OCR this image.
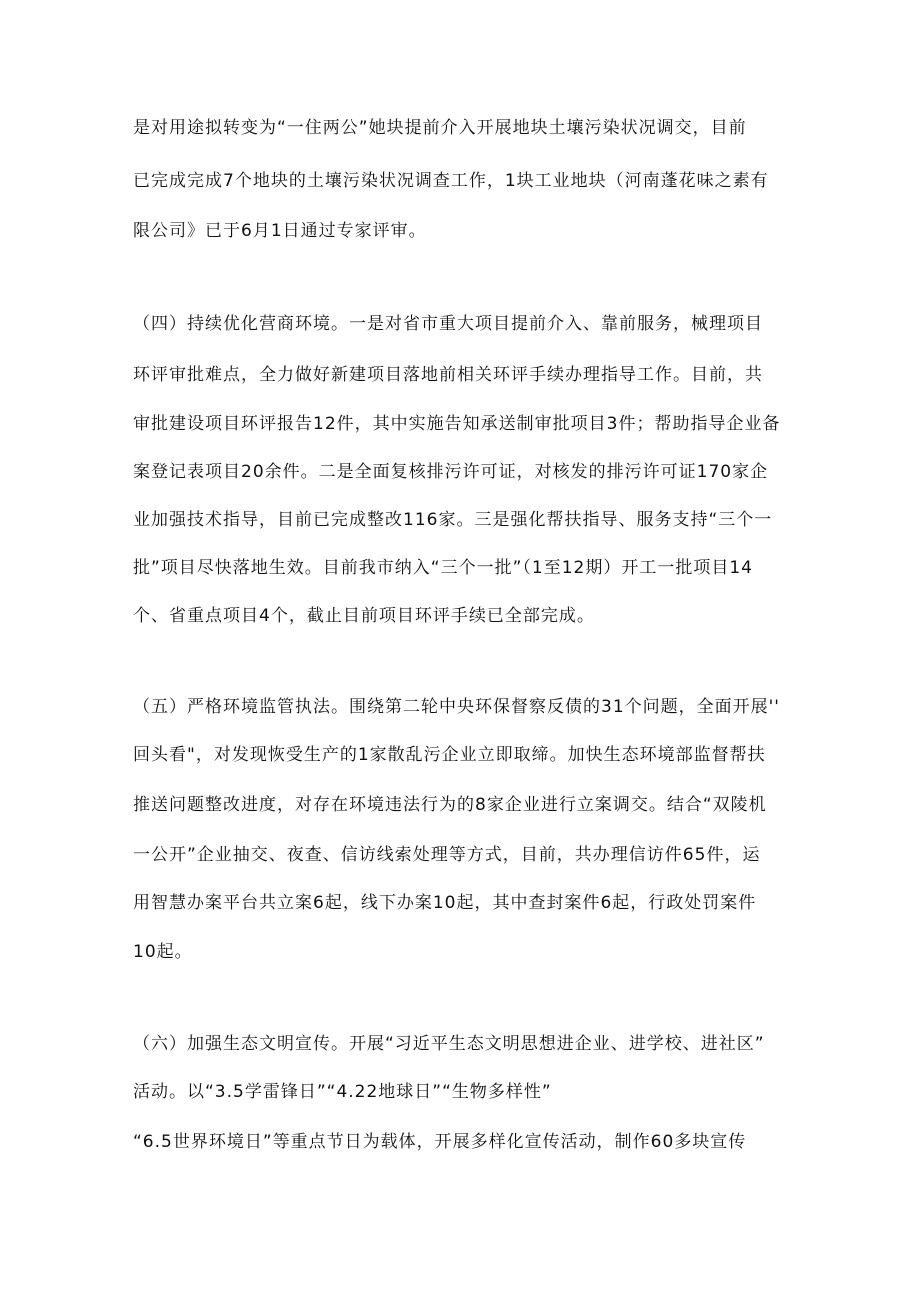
是对用途拟转变为“一住两公”她块提前介入开展地块土壤污染状况调交，目前

已完成完成7个地块的土壤污染状况调查工作，1块工业地块（河南蓬花味之素有

限公司》已于6月1日通过专家评审。

（四）持续优化营商环境。一是对省市重大项目提前介入、靠前服务，械理项目

环评审批难点，全力做好新建项目落地前相关环评手续办理指导工作。目前，共

审批建设项目环评报告12件，其中实施告知承送制审批项目3件；帮助指导企业备

案登记表项目20余件。二是全面复核排污许可证，对核发的排污许可证170家企

业加强技术指导，目前已完成整改116家。三是强化帮扶指导、服务支持“三个一

批”项目尽快落地生效。目前我市纳入“三个一批”（1至12期）开工一批项目14

个、省重点项目4个，截止目前项目环评手续已全部完成。

（五）严格环境监管执法。围绕第二轮中央环保督察反债的31个问题，全面开展''

回头看"，对发现恢受生产的1家散乱污企业立即取缔。加快生态环境部监督帮扶

推送问题整改进度，对存在环境违法行为的8家企业进行立案调交。结合“双陵机

一公开”企业抽交、夜查、信访线索处理等方式，目前，共办理信访件65件，运

用智慧办案平台共立案6起，线下办案10起，其中查封案件6起，行政处罚案件

10起。

（六）加强生态文明宣传。开展“习近平生态文明思想进企业、进学校、进社区”

活动。以“3.5学雷锋日”“4.22地球日”“生物多样性”

“6.5世界环境日”等重点节日为载体，开展多样化宣传活动，制作60多块宣传
